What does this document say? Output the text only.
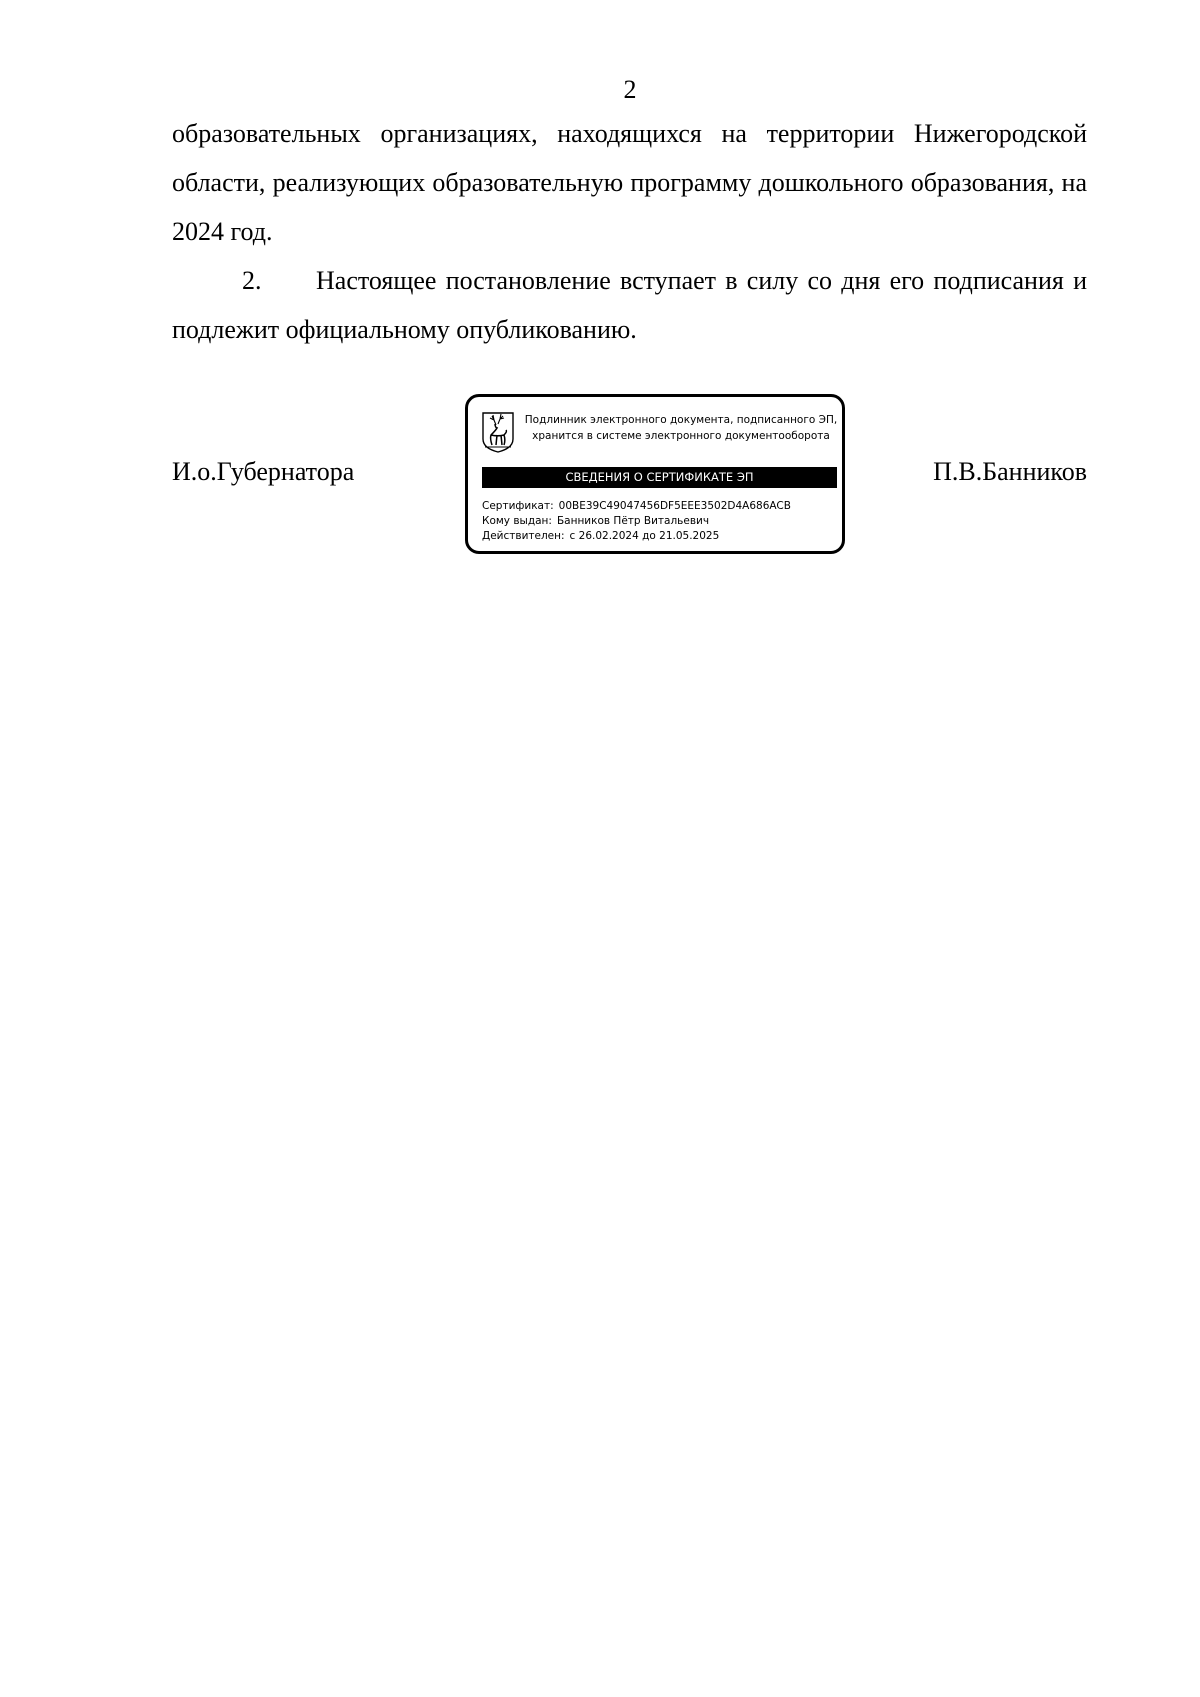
2
образовательных организациях, находящихся на территории Нижегородской области, реализующих образовательную программу дошкольного образования, на 2024 год.
2. Настоящее постановление вступает в силу со дня его подписания и подлежит официальному опубликованию.
И.о.Губернатора	П.В.Банников
Подлинник электронного документа, подписанного ЭП,
хранится в системе электронного документооборота
СВЕДЕНИЯ О СЕРТИФИКАТЕ ЭП
Сертификат: 00BE39C49047456DF5EEE3502D4A686ACB
Кому выдан: Банников Пётр Витальевич
Действителен: с 26.02.2024 до 21.05.2025
